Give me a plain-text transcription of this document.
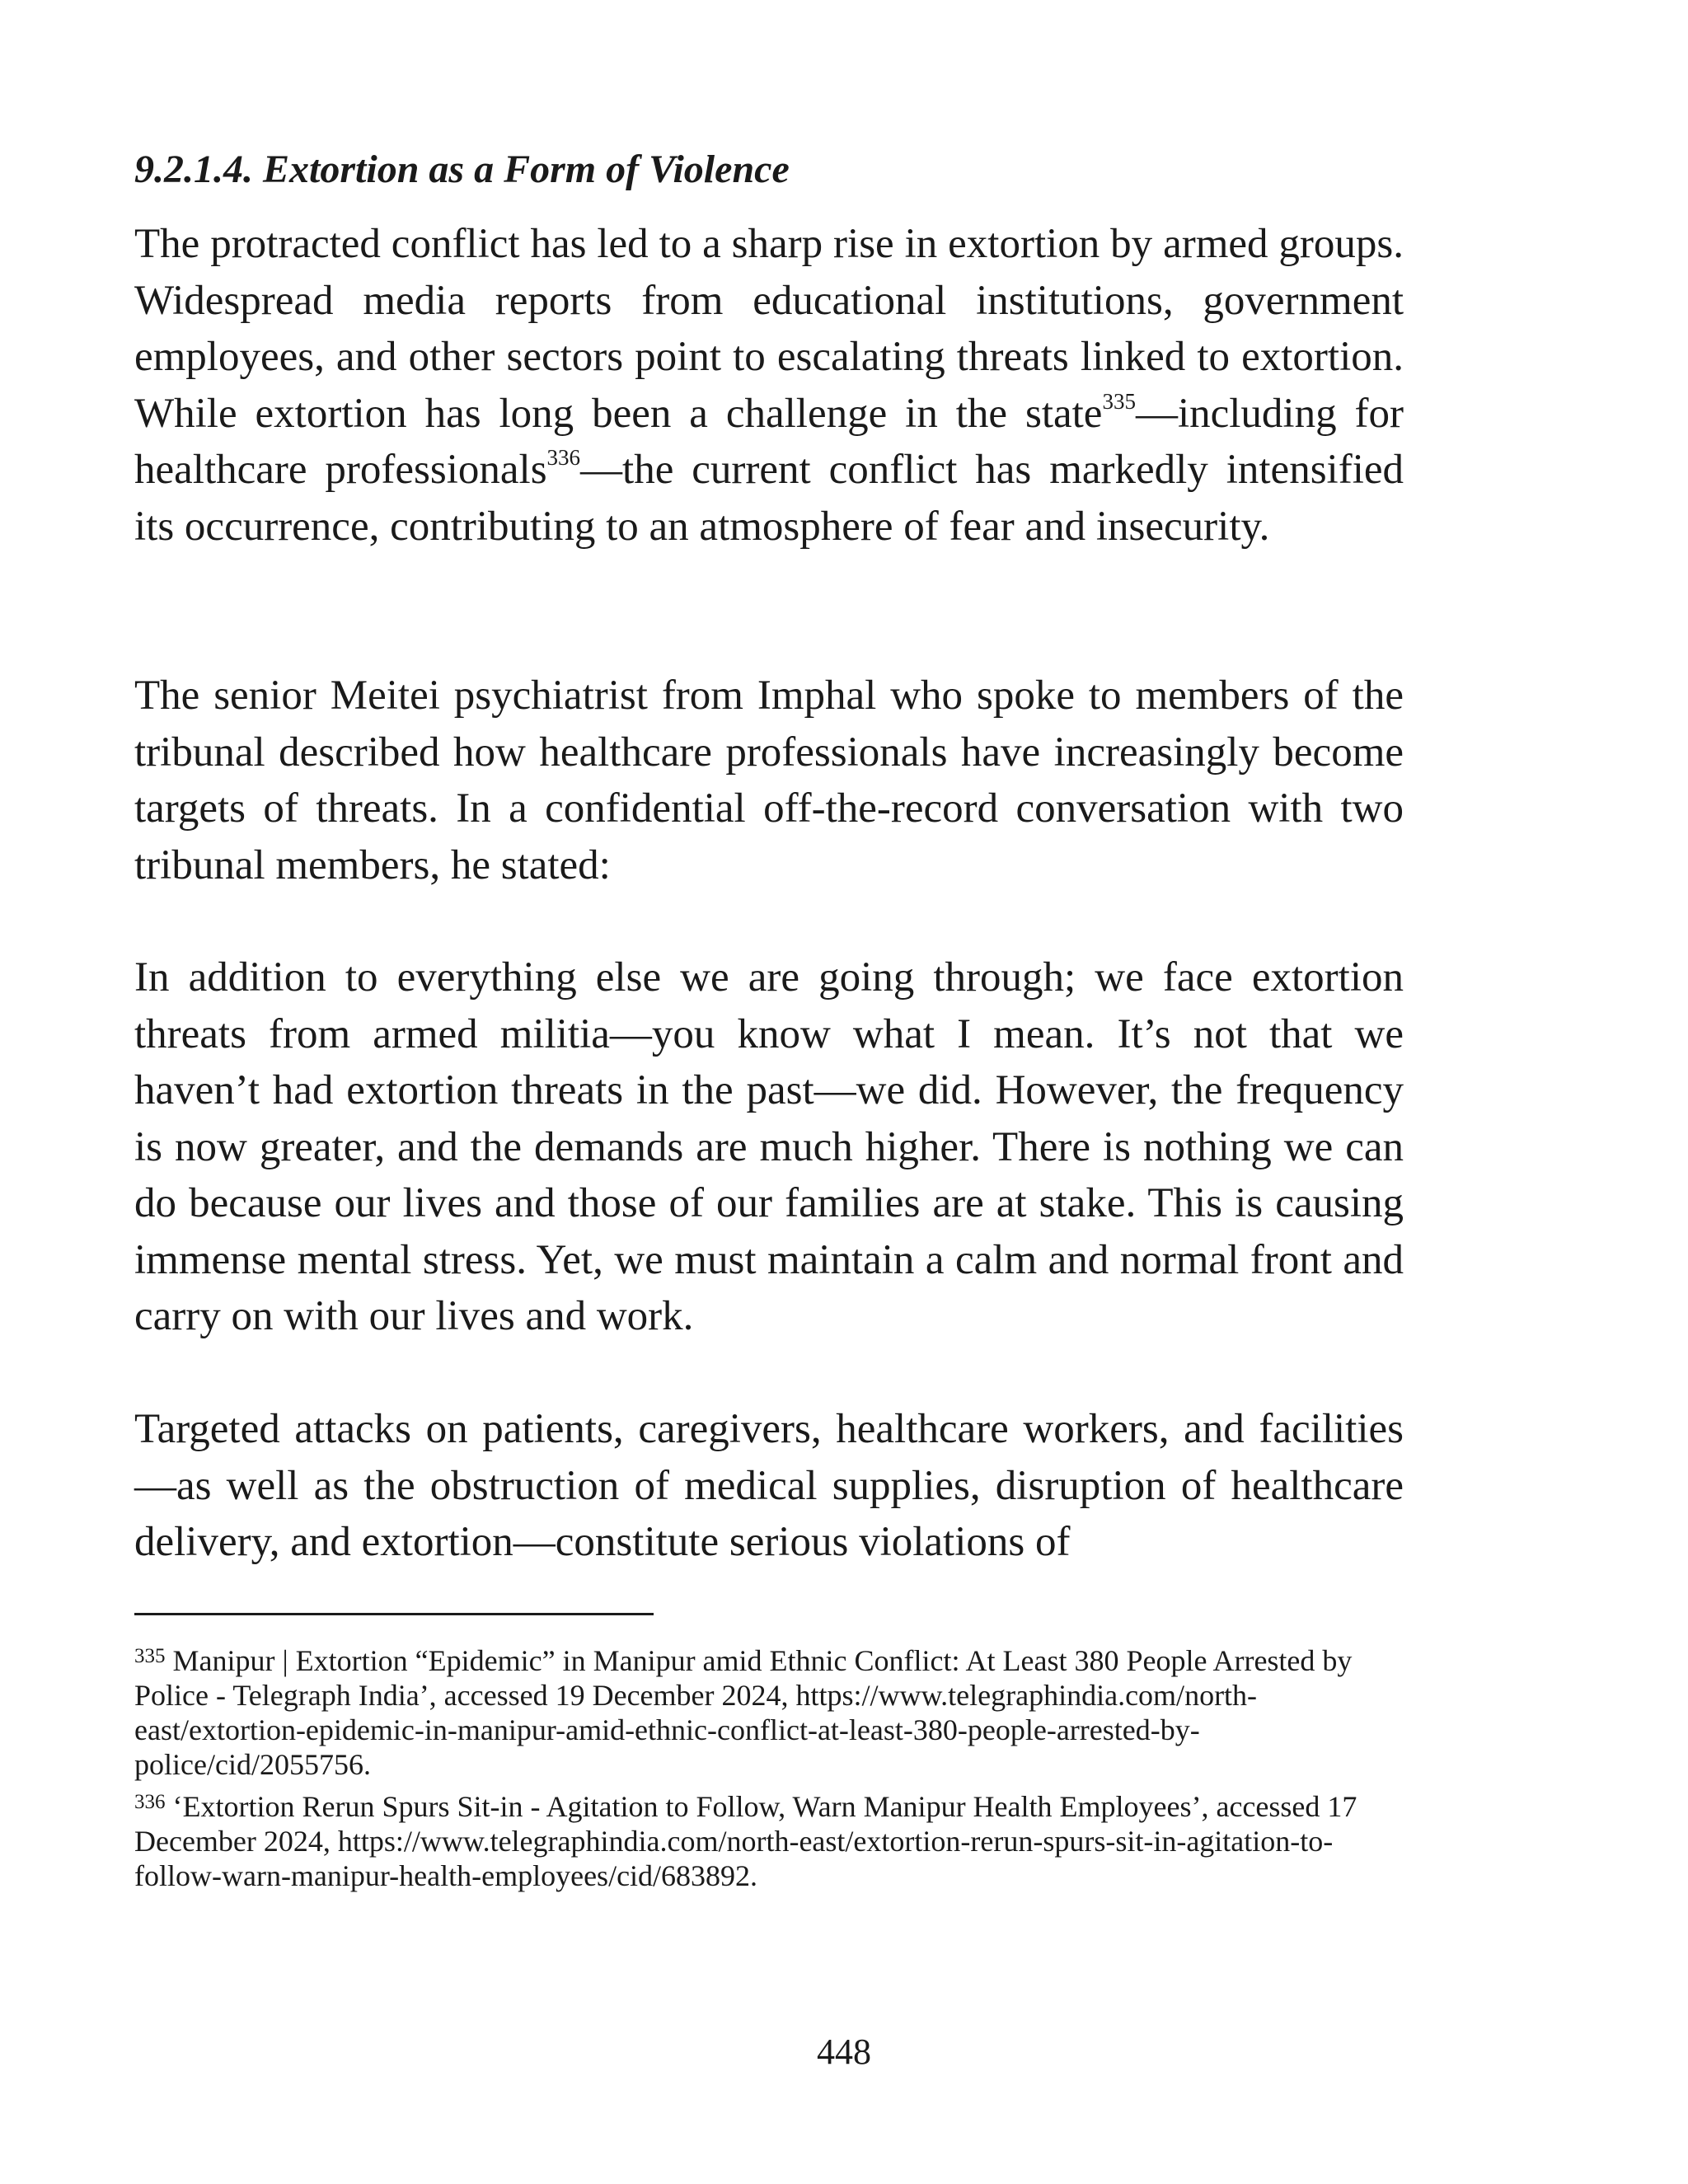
9.2.1.4. Extortion as a Form of Violence

The protracted conflict has led to a sharp rise in extortion by armed groups. Widespread media reports from educational institutions, government employees, and other sectors point to escalating threats linked to extortion. While extortion has long been a challenge in the state$^{335}$—including for healthcare professionals$^{336}$—the current conflict has markedly intensified its occurrence, contributing to an atmosphere of fear and insecurity.

The senior Meitei psychiatrist from Imphal who spoke to members of the tribunal described how healthcare professionals have increasingly become targets of threats. In a confidential off-the-record conversation with two tribunal members, he stated:

In addition to everything else we are going through; we face extortion threats from armed militia—you know what I mean. It’s not that we haven’t had extortion threats in the past—we did. However, the frequency is now greater, and the demands are much higher. There is nothing we can do because our lives and those of our families are at stake. This is causing immense mental stress. Yet, we must maintain a calm and normal front and carry on with our lives and work.

Targeted attacks on patients, caregivers, healthcare workers, and facilities—as well as the obstruction of medical supplies, disruption of healthcare delivery, and extortion—constitute serious violations of

$^{335}$ Manipur | Extortion “Epidemic” in Manipur amid Ethnic Conflict: At Least 380 People Arrested by Police - Telegraph India’, accessed 19 December 2024, https://www.telegraphindia.com/north-east/extortion-epidemic-in-manipur-amid-ethnic-conflict-at-least-380-people-arrested-by-police/cid/2055756.

$^{336}$ ‘Extortion Rerun Spurs Sit-in - Agitation to Follow, Warn Manipur Health Employees’, accessed 17 December 2024, https://www.telegraphindia.com/north-east/extortion-rerun-spurs-sit-in-agitation-to-follow-warn-manipur-health-employees/cid/683892.

448
